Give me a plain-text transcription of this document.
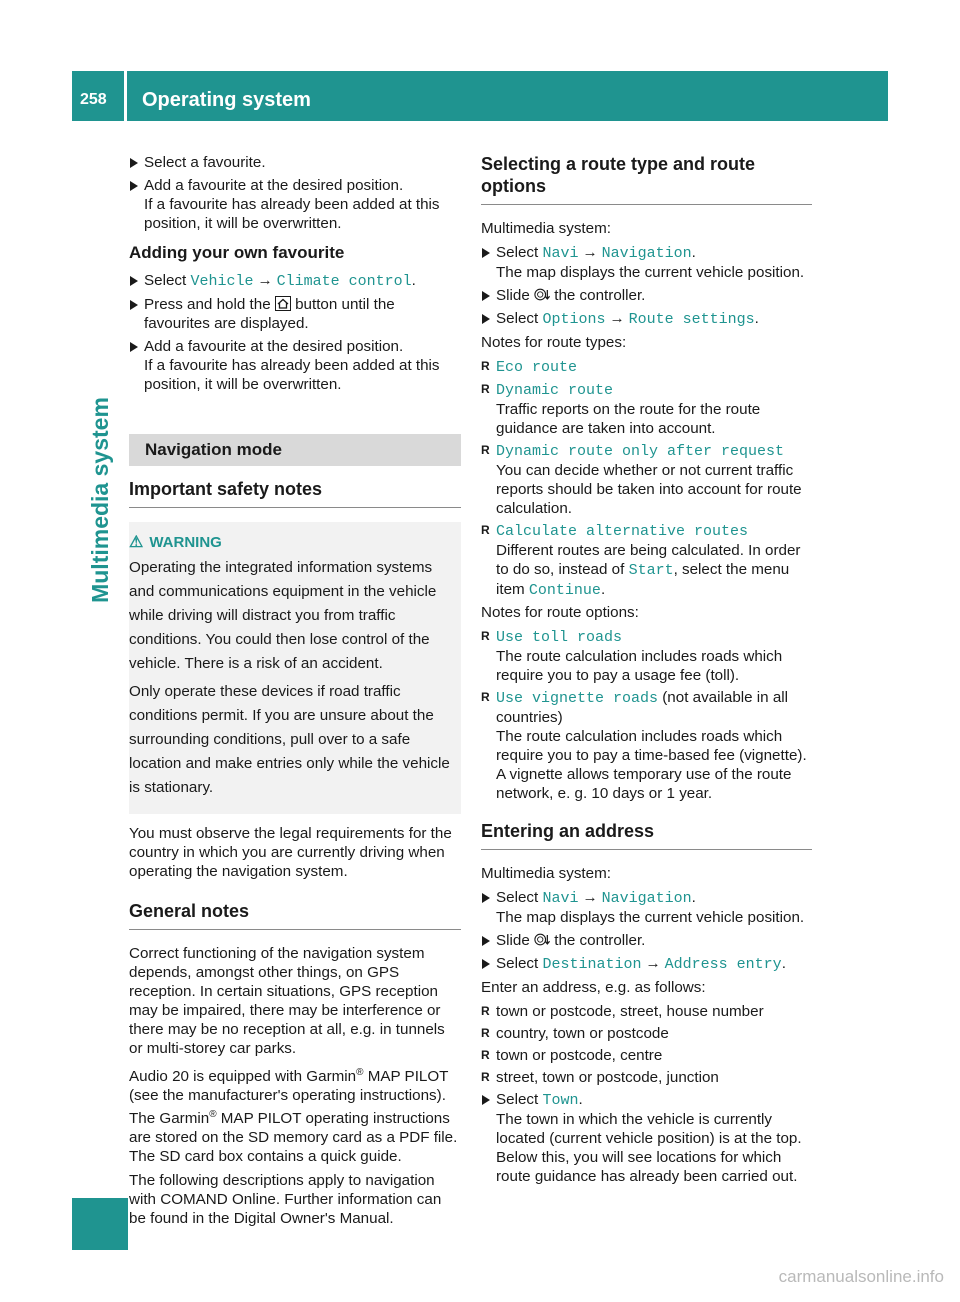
258 Operating system
Multimedia system

Select a favourite.

Add a favourite at the desired position.
If a favourite has already been added at this position, it will be overwritten.

Adding your own favourite

Select Vehicle → Climate control.

Press and hold the  button until the favourites are displayed.

Add a favourite at the desired position.
If a favourite has already been added at this position, it will be overwritten.

Navigation mode
Important safety notes
⚠ WARNING

Operating the integrated information systems and communications equipment in the vehicle while driving will distract you from traffic conditions. You could then lose control of the vehicle. There is a risk of an accident.

Only operate these devices if road traffic conditions permit. If you are unsure about the surrounding conditions, pull over to a safe location and make entries only while the vehicle is stationary.

You must observe the legal requirements for the country in which you are currently driving when operating the navigation system.

General notes

Correct functioning of the navigation system depends, amongst other things, on GPS reception. In certain situations, GPS reception may be impaired, there may be interference or there may be no reception at all, e.g. in tunnels or multi-storey car parks.

Audio 20 is equipped with Garmin® MAP PILOT (see the manufacturer's operating instructions). The Garmin® MAP PILOT operating instructions are stored on the SD memory card as a PDF file. The SD card box contains a quick guide.

The following descriptions apply to navigation with COMAND Online. Further information can be found in the Digital Owner's Manual.

Selecting a route type and route options

Multimedia system:

Select Navi → Navigation.
The map displays the current vehicle position.

Slide  the controller.

Select Options → Route settings.

Notes for route types:

R Eco route

R Dynamic route
Traffic reports on the route for the route guidance are taken into account.

R Dynamic route only after request
You can decide whether or not current traffic reports should be taken into account for route calculation.

R Calculate alternative routes
Different routes are being calculated. In order to do so, instead of Start, select the menu item Continue.

Notes for route options:

R Use toll roads
The route calculation includes roads which require you to pay a usage fee (toll).

R Use vignette roads (not available in all countries)
The route calculation includes roads which require you to pay a time-based fee (vignette). A vignette allows temporary use of the route network, e. g. 10 days or 1 year.

Entering an address

Multimedia system:

Select Navi → Navigation.
The map displays the current vehicle position.

Slide  the controller.

Select Destination → Address entry.

Enter an address, e.g. as follows:

R town or postcode, street, house number

R country, town or postcode

R town or postcode, centre

R street, town or postcode, junction

Select Town.
The town in which the vehicle is currently located (current vehicle position) is at the top. Below this, you will see locations for which route guidance has already been carried out.

carmanualsonline.info
